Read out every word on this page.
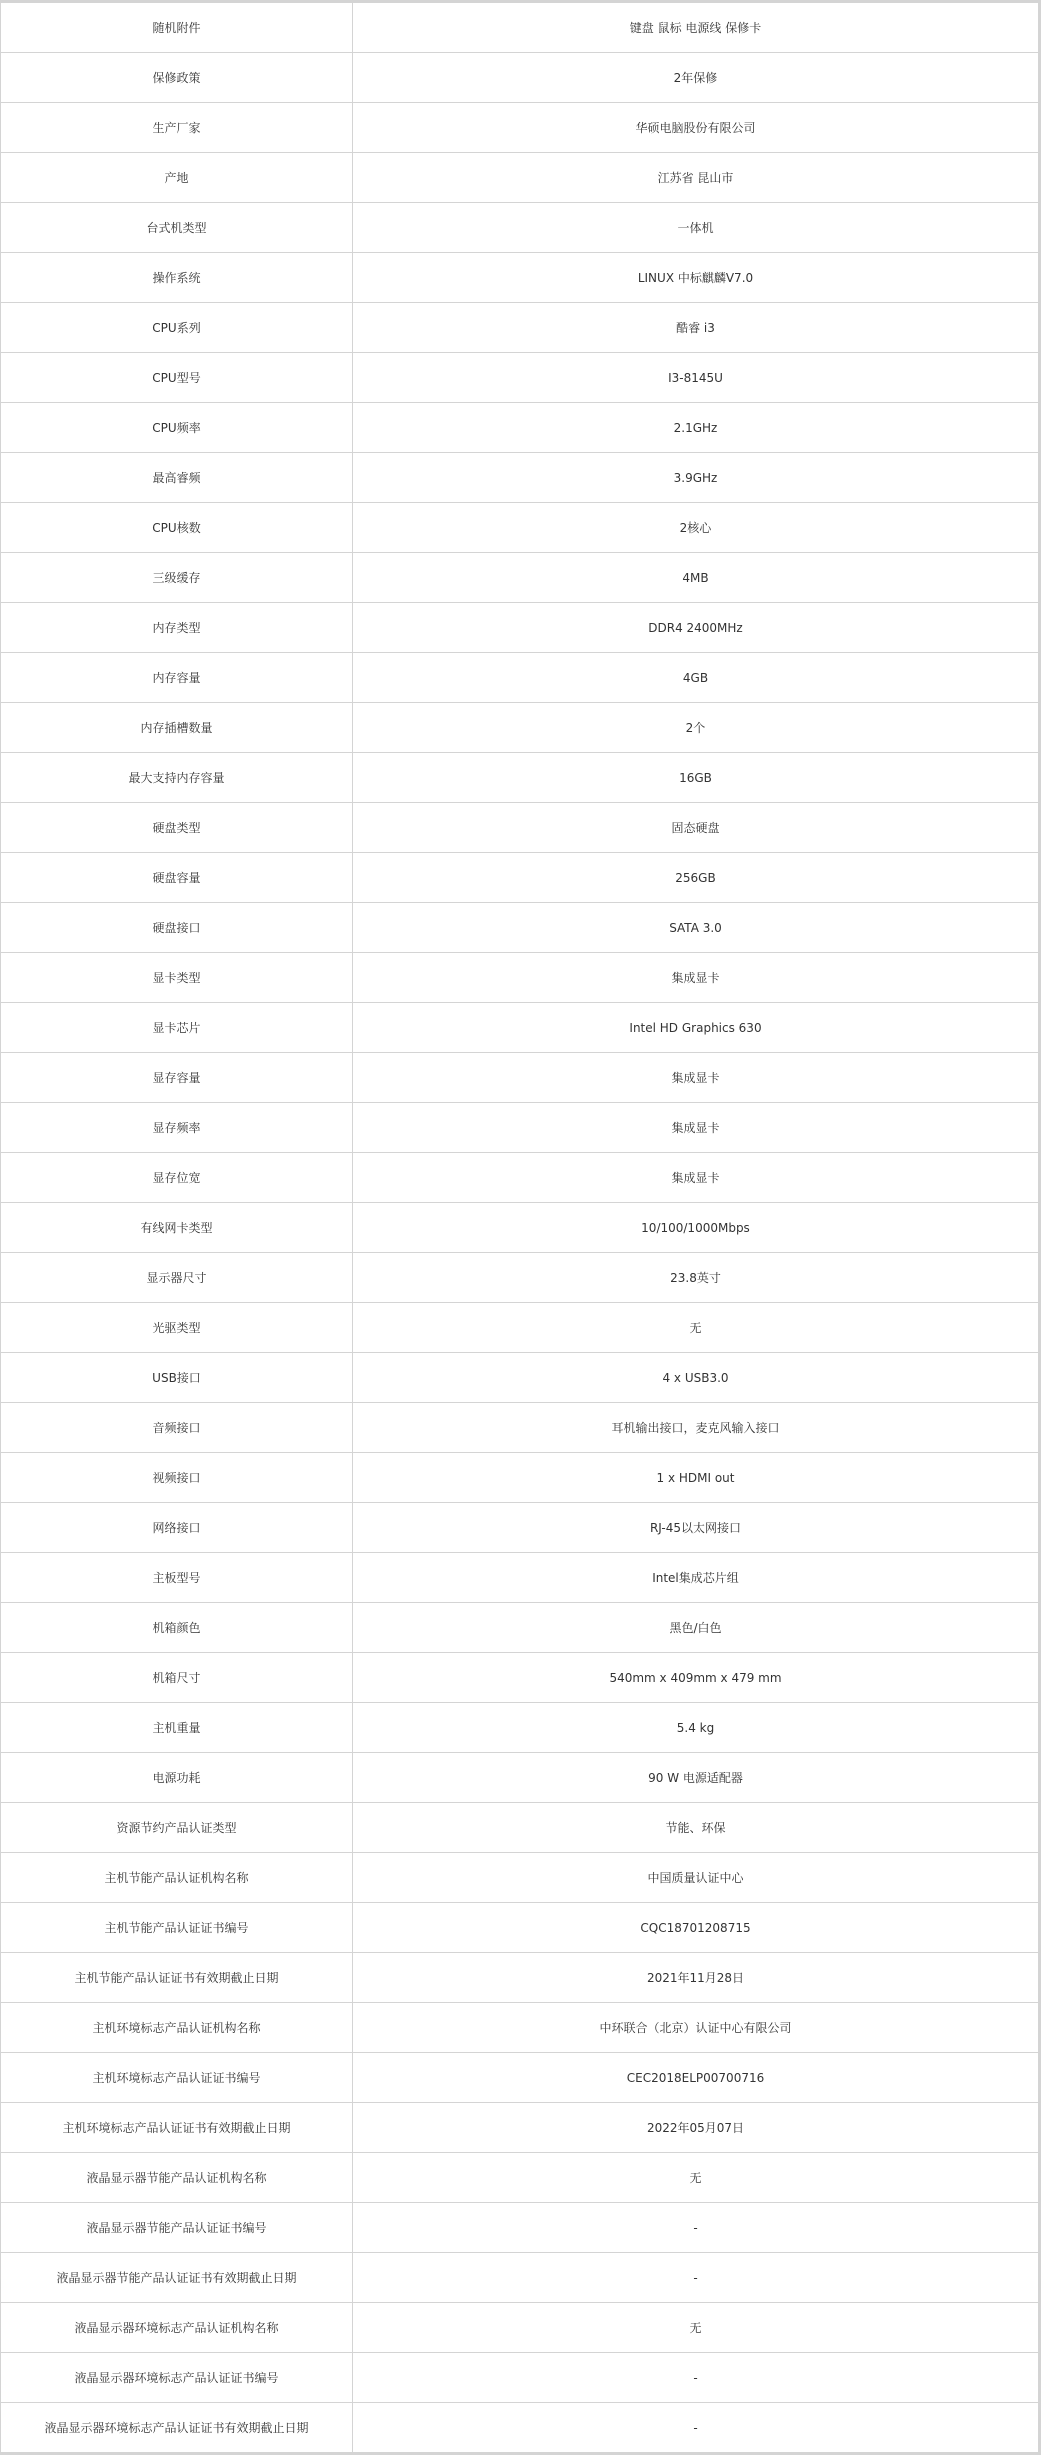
随机附件	键盘 鼠标 电源线 保修卡
保修政策	2年保修
生产厂家	华硕电脑股份有限公司
产地	江苏省 昆山市
台式机类型	一体机
操作系统	LINUX 中标麒麟V7.0
CPU系列	酷睿 i3
CPU型号	I3-8145U
CPU频率	2.1GHz
最高睿频	3.9GHz
CPU核数	2核心
三级缓存	4MB
内存类型	DDR4 2400MHz
内存容量	4GB
内存插槽数量	2个
最大支持内存容量	16GB
硬盘类型	固态硬盘
硬盘容量	256GB
硬盘接口	SATA 3.0
显卡类型	集成显卡
显卡芯片	Intel HD Graphics 630
显存容量	集成显卡
显存频率	集成显卡
显存位宽	集成显卡
有线网卡类型	10/100/1000Mbps
显示器尺寸	23.8英寸
光驱类型	无
USB接口	4 x USB3.0
音频接口	耳机输出接口，麦克风输入接口
视频接口	1 x HDMI out
网络接口	RJ-45以太网接口
主板型号	Intel集成芯片组
机箱颜色	黑色/白色
机箱尺寸	540mm x 409mm x 479 mm
主机重量	5.4 kg
电源功耗	90 W 电源适配器
资源节约产品认证类型	节能、环保
主机节能产品认证机构名称	中国质量认证中心
主机节能产品认证证书编号	CQC18701208715
主机节能产品认证证书有效期截止日期	2021年11月28日
主机环境标志产品认证机构名称	中环联合（北京）认证中心有限公司
主机环境标志产品认证证书编号	CEC2018ELP00700716
主机环境标志产品认证证书有效期截止日期	2022年05月07日
液晶显示器节能产品认证机构名称	无
液晶显示器节能产品认证证书编号	-
液晶显示器节能产品认证证书有效期截止日期	-
液晶显示器环境标志产品认证机构名称	无
液晶显示器环境标志产品认证证书编号	-
液晶显示器环境标志产品认证证书有效期截止日期	-
